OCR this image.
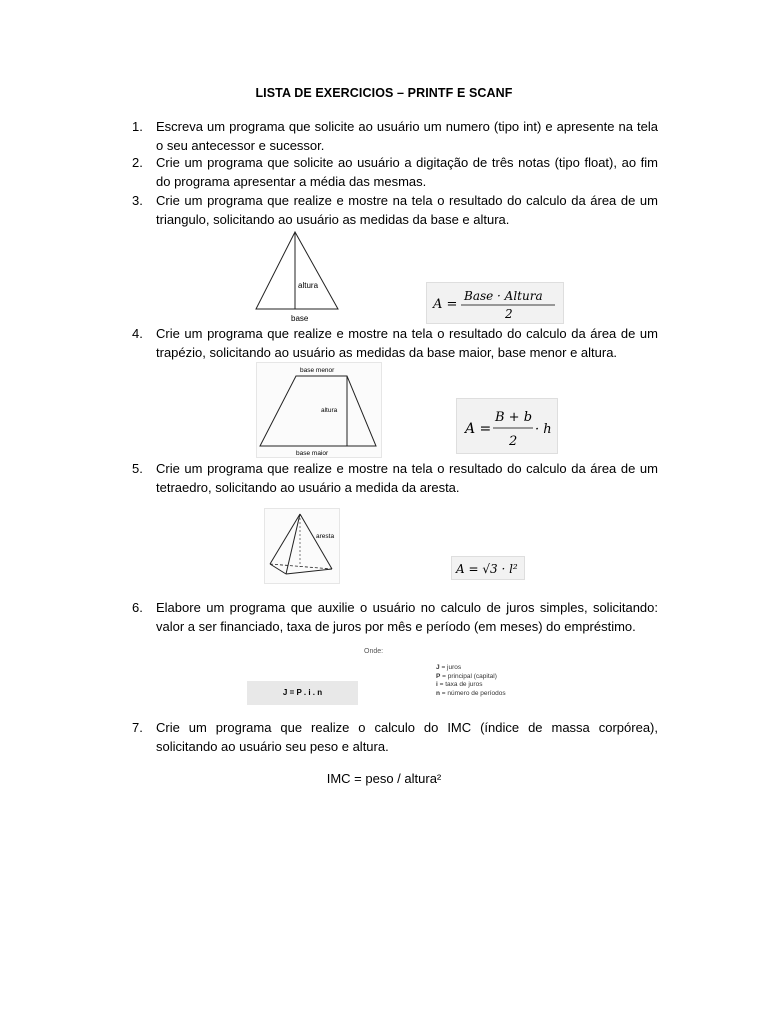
LISTA DE EXERCICIOS – PRINTF E SCANF
1. Escreva um programa que solicite ao usuário um numero (tipo int) e apresente na tela o seu antecessor e sucessor.
2. Crie um programa que solicite ao usuário a digitação de três notas (tipo float), ao fim do programa apresentar a média das mesmas.
3. Crie um programa que realize e mostre na tela o resultado do calculo da área de um triangulo, solicitando ao usuário as medidas da base e altura.
altura
base
A =
Base · Altura
2
4. Crie um programa que realize e mostre na tela o resultado do calculo da área de um trapézio, solicitando ao usuário as medidas da base maior, base menor e altura.
base menor
altura
base maior
A =
B + b
2
· h
5. Crie um programa que realize e mostre na tela o resultado do calculo da área de um tetraedro, solicitando ao usuário a medida da aresta.
aresta
A = √3 · l²
6. Elabore um programa que auxilie o usuário no calculo de juros simples, solicitando: valor a ser financiado, taxa de juros por mês e período (em meses) do empréstimo.
Onde:
J = P . i . n
J = juros
P = principal (capital)
i = taxa de juros
n = número de períodos
7. Crie um programa que realize o calculo do IMC (índice de massa corpórea), solicitando ao usuário seu peso e altura.
IMC = peso / altura²
